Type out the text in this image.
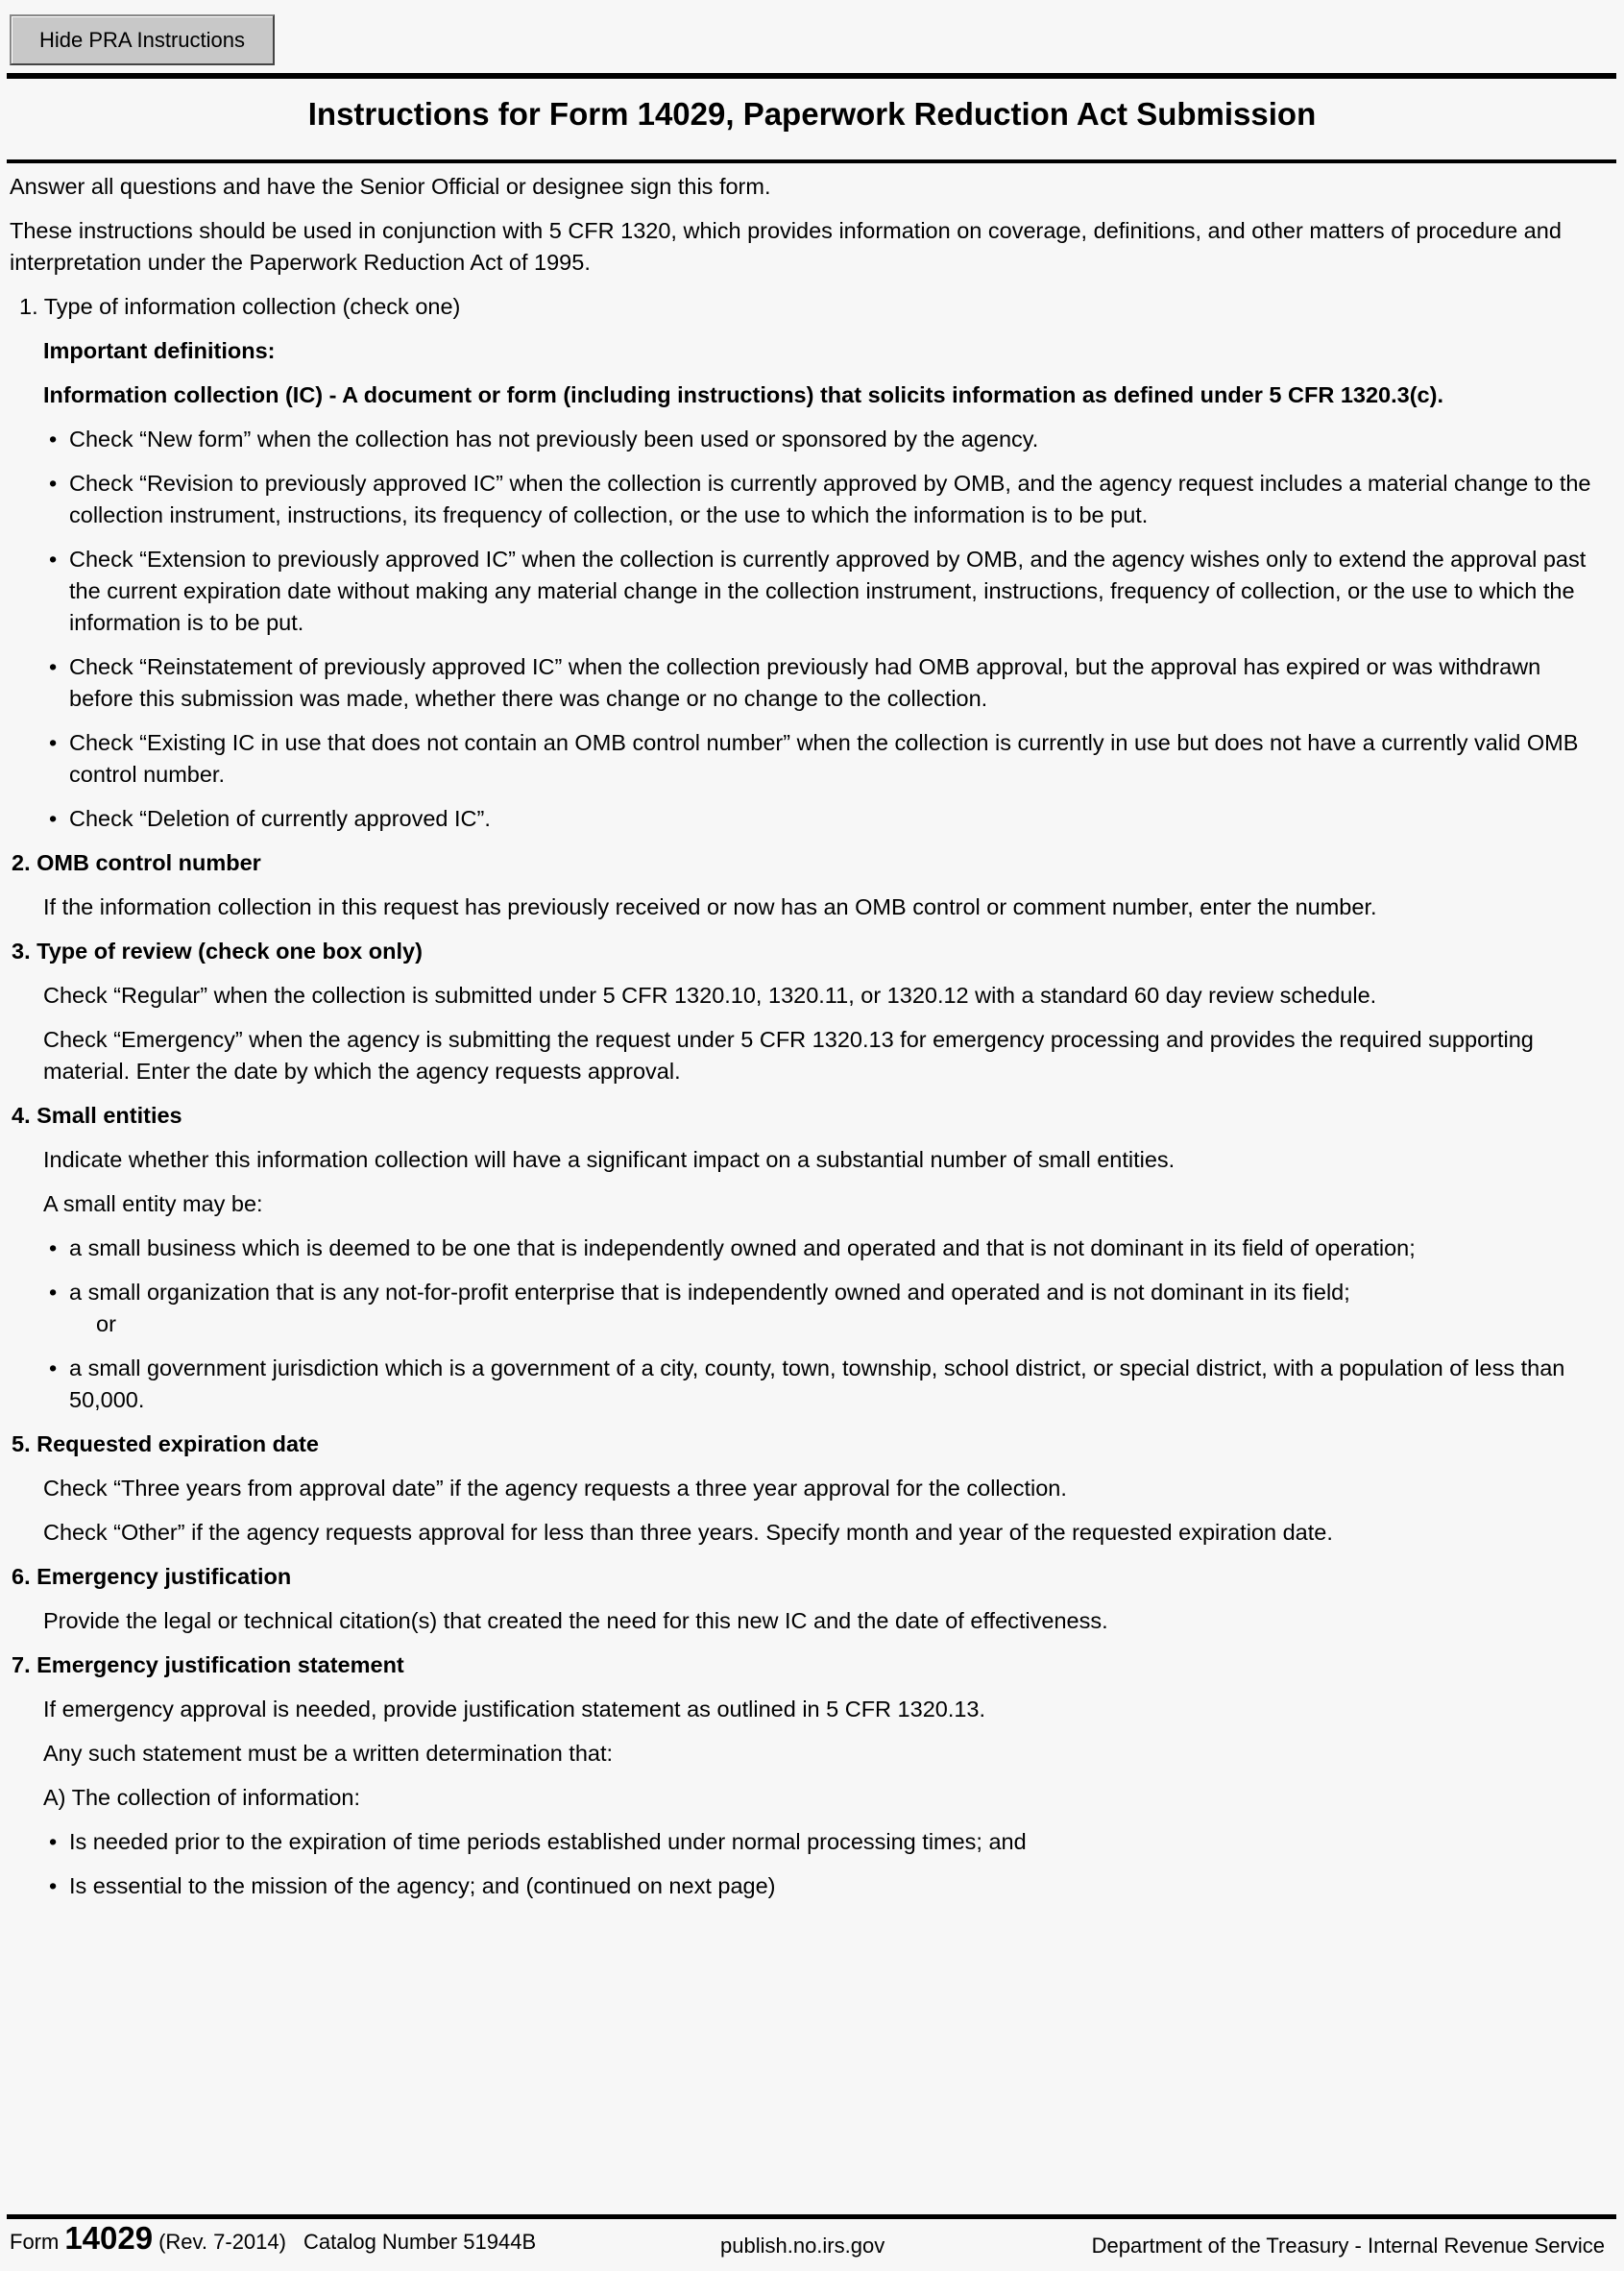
Hide PRA Instructions
Instructions for Form 14029, Paperwork Reduction Act Submission

Answer all questions and have the Senior Official or designee sign this form.

These instructions should be used in conjunction with 5 CFR 1320, which provides information on coverage, definitions, and other matters of procedure and interpretation under the Paperwork Reduction Act of 1995.

1. Type of information collection (check one)

Important definitions:

Information collection (IC) - A document or form (including instructions) that solicits information as defined under 5 CFR 1320.3(c).

• Check “New form” when the collection has not previously been used or sponsored by the agency.

• Check “Revision to previously approved IC” when the collection is currently approved by OMB, and the agency request includes a material change to the collection instrument, instructions, its frequency of collection, or the use to which the information is to be put.

• Check “Extension to previously approved IC” when the collection is currently approved by OMB, and the agency wishes only to extend the approval past the current expiration date without making any material change in the collection instrument, instructions, frequency of collection, or the use to which the information is to be put.

• Check “Reinstatement of previously approved IC” when the collection previously had OMB approval, but the approval has expired or was withdrawn before this submission was made, whether there was change or no change to the collection.

• Check “Existing IC in use that does not contain an OMB control number” when the collection is currently in use but does not have a currently valid OMB control number.

• Check “Deletion of currently approved IC”.

2. OMB control number

If the information collection in this request has previously received or now has an OMB control or comment number, enter the number.

3. Type of review (check one box only)

Check “Regular” when the collection is submitted under 5 CFR 1320.10, 1320.11, or 1320.12 with a standard 60 day review schedule.

Check “Emergency” when the agency is submitting the request under 5 CFR 1320.13 for emergency processing and provides the required supporting material. Enter the date by which the agency requests approval.

4. Small entities

Indicate whether this information collection will have a significant impact on a substantial number of small entities.

A small entity may be:

• a small business which is deemed to be one that is independently owned and operated and that is not dominant in its field of operation;

• a small organization that is any not-for-profit enterprise that is independently owned and operated and is not dominant in its field;

or

• a small government jurisdiction which is a government of a city, county, town, township, school district, or special district, with a population of less than 50,000.

5. Requested expiration date

Check “Three years from approval date” if the agency requests a three year approval for the collection.

Check “Other” if the agency requests approval for less than three years. Specify month and year of the requested expiration date.

6. Emergency justification

Provide the legal or technical citation(s) that created the need for this new IC and the date of effectiveness.

7. Emergency justification statement

If emergency approval is needed, provide justification statement as outlined in 5 CFR 1320.13.

Any such statement must be a written determination that:

A) The collection of information:

• Is needed prior to the expiration of time periods established under normal processing times; and

• Is essential to the mission of the agency; and (continued on next page)

Form 14029 (Rev. 7-2014) Catalog Number 51944B	publish.no.irs.gov	Department of the Treasury - Internal Revenue Service
